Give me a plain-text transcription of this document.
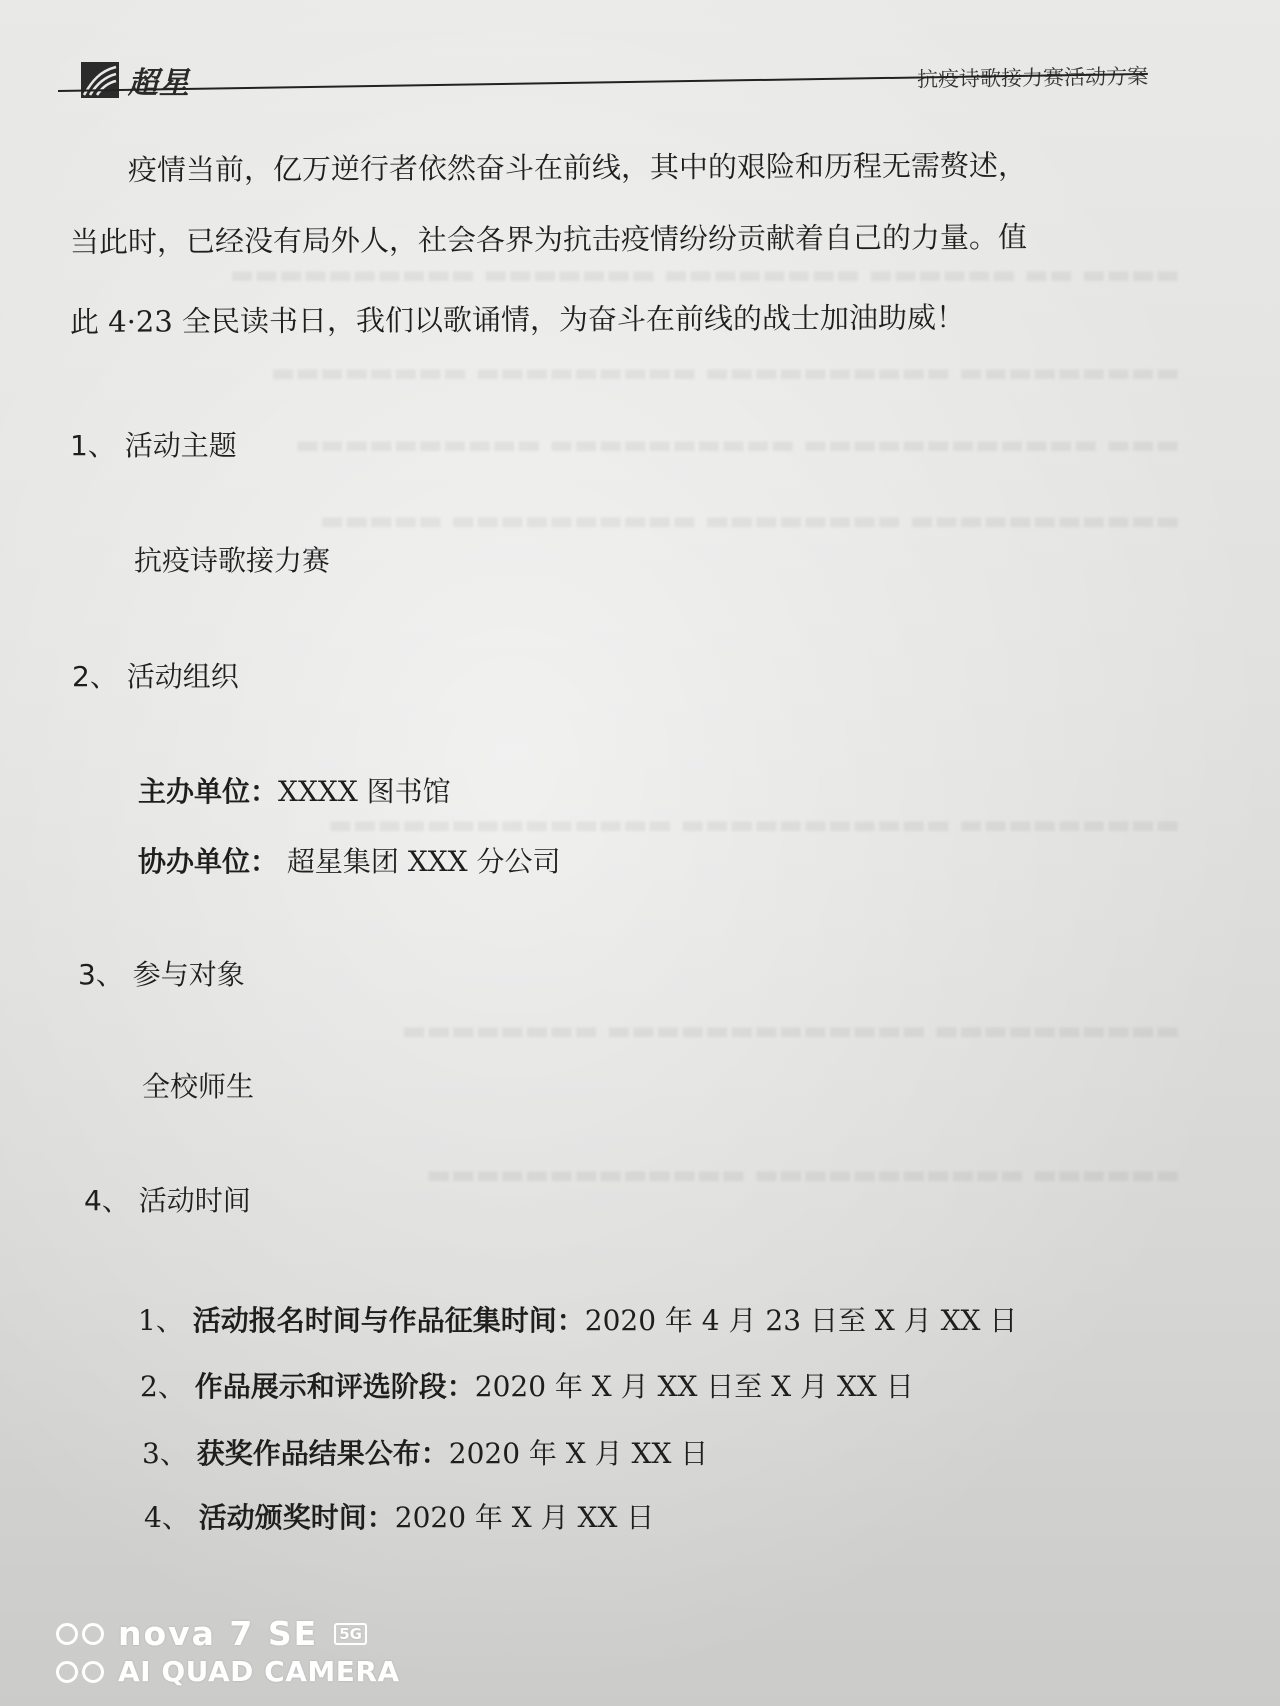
超星	抗疫诗歌接力赛活动方案
▬▬▬▬ ▬▬ ▬▬▬▬▬▬ ▬▬▬▬▬▬▬▬ ▬▬▬▬▬▬▬ ▬▬▬▬▬▬▬▬▬▬
▬▬▬▬▬▬▬▬▬ ▬▬▬▬▬▬▬▬▬▬ ▬▬▬▬▬▬▬▬▬ ▬▬▬▬▬▬▬▬
▬▬▬ ▬▬▬▬▬▬▬▬▬▬▬▬ ▬▬▬▬▬▬▬▬▬▬ ▬▬▬▬▬▬▬▬▬▬
▬▬▬▬▬▬▬▬▬▬▬ ▬▬▬▬▬▬▬▬ ▬▬▬▬▬▬▬▬▬▬ ▬▬▬▬▬
▬▬▬▬▬▬▬▬▬ ▬▬▬▬▬▬▬▬▬▬▬ ▬▬▬▬▬▬▬▬▬▬▬▬▬▬
▬▬▬▬▬▬▬▬▬▬ ▬▬▬▬▬▬▬▬▬▬▬▬▬ ▬▬▬▬▬▬▬▬
▬▬▬▬▬▬ ▬▬▬▬▬▬▬▬▬▬▬ ▬▬▬▬▬▬▬▬▬▬▬▬▬
疫情当前，亿万逆行者依然奋斗在前线，其中的艰险和历程无需赘述，
当此时，已经没有局外人，社会各界为抗击疫情纷纷贡献着自己的力量。值
此 4·23 全民读书日，我们以歌诵情，为奋斗在前线的战士加油助威！
1、 活动主题
抗疫诗歌接力赛
2、 活动组织
主办单位：XXXX 图书馆
协办单位： 超星集团 XXX 分公司
3、 参与对象
全校师生
4、 活动时间
1、 活动报名时间与作品征集时间：2020 年 4 月 23 日至 X 月 XX 日
2、 作品展示和评选阶段：2020 年 X 月 XX 日至 X 月 XX 日
3、 获奖作品结果公布：2020 年 X 月 XX 日
4、 活动颁奖时间：2020 年 X 月 XX 日
nova 7 SE	5G
AI QUAD CAMERA
